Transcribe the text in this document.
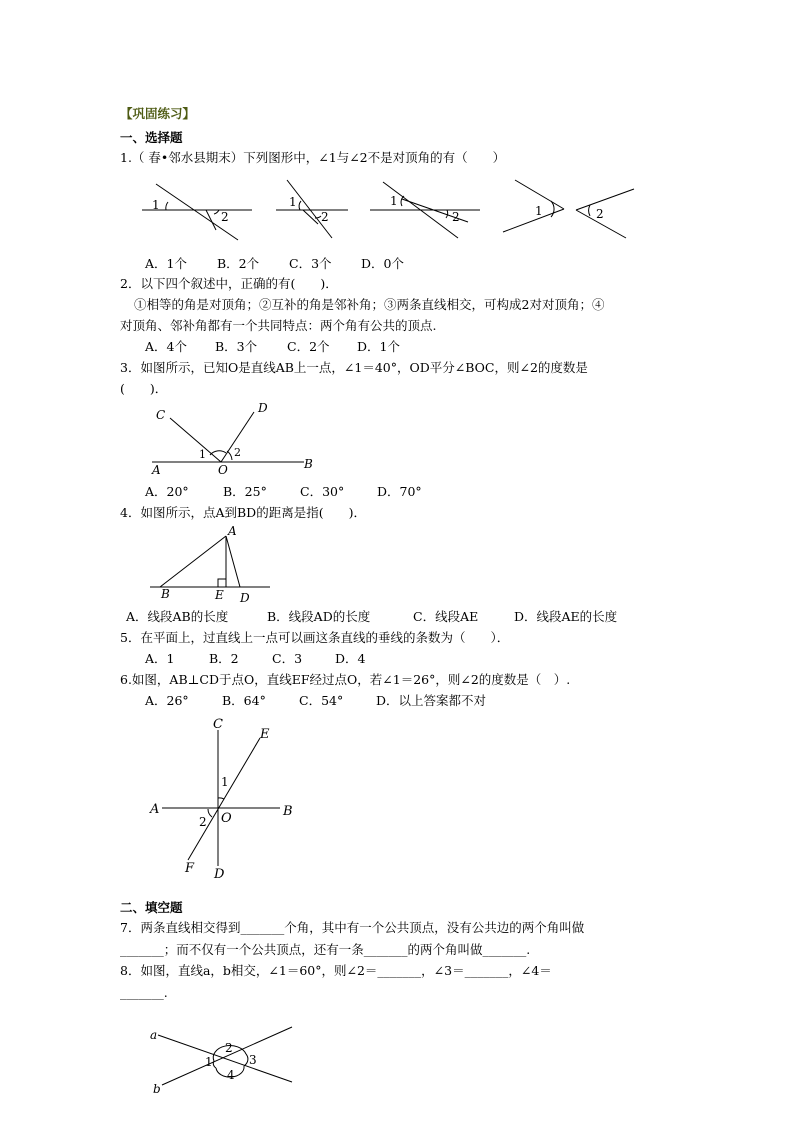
【巩固练习】
一、选择题
1.（ 春•邻水县期末）下列图形中，∠1与∠2不是对顶角的有（　　）
1
2
1
2
1
2	1	2
A．1个 B．2个 C．3个 D．0个
2．以下四个叙述中，正确的有(　　)．
①相等的角是对顶角；②互补的角是邻补角；③两条直线相交，可构成2对对顶角；④
对顶角、邻补角都有一个共同特点：两个角有公共的顶点.
A．4个 B．3个 C．2个 D．1个
3．如图所示，已知O是直线AB上一点，∠1＝40°，OD平分∠BOC，则∠2的度数是
(　　)．
C	D
A	O	B
1	2
A．20°	B．25°	C．30°	D．70°
4．如图所示，点A到BD的距离是指(　　)．
A
B	E D
A．线段AB的长度	B．线段AD的长度	C．线段AE	D．线段AE的长度
5．在平面上，过直线上一点可以画这条直线的垂线的条数为（　　）．
A．1	B．2	C．3	D．4
6.如图，AB⊥CD于点O，直线EF经过点O，若∠1＝26°，则∠2的度数是（　）.
A．26°	B．64°	C．54°	D．以上答案都不对
C
E
A	B
O
F D
1
2
二、填空题
7．两条直线相交得到_______个角，其中有一个公共顶点，没有公共边的两个角叫做
_______；而不仅有一个公共顶点，还有一条_______的两个角叫做_______.
8．如图，直线a，b相交，∠1＝60°，则∠2＝_______，∠3＝_______，∠4＝
_______.
a
b
1
2
3
4
